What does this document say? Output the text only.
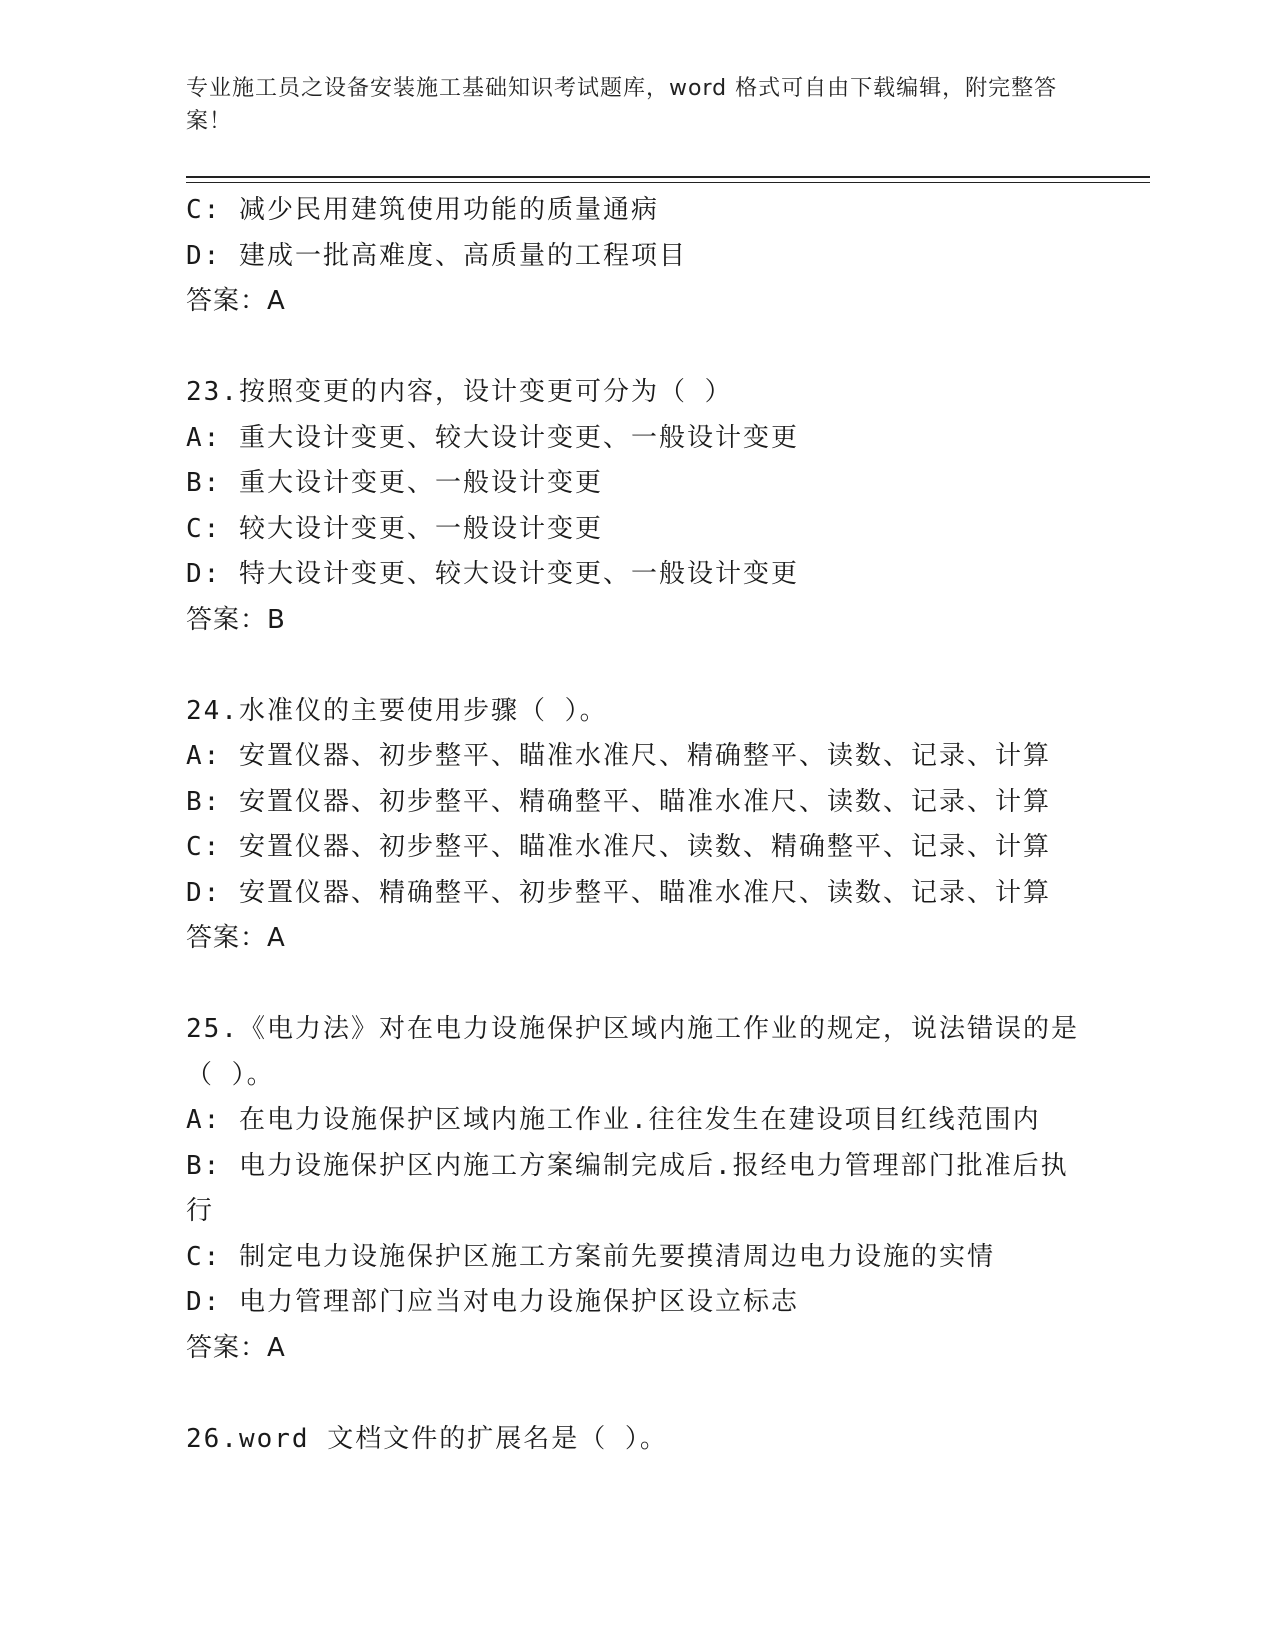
专业施工员之设备安装施工基础知识考试题库，word 格式可自由下载编辑，附完整答案！

C: 减少民用建筑使用功能的质量通病

D: 建成一批高难度、高质量的工程项目

答案：A

23.按照变更的内容，设计变更可分为（ ）

A: 重大设计变更、较大设计变更、一般设计变更

B: 重大设计变更、一般设计变更

C: 较大设计变更、一般设计变更

D: 特大设计变更、较大设计变更、一般设计变更

答案：B

24.水准仪的主要使用步骤（ ）。

A: 安置仪器、初步整平、瞄准水准尺、精确整平、读数、记录、计算

B: 安置仪器、初步整平、精确整平、瞄准水准尺、读数、记录、计算

C: 安置仪器、初步整平、瞄准水准尺、读数、精确整平、记录、计算

D: 安置仪器、精确整平、初步整平、瞄准水准尺、读数、记录、计算

答案：A

25.《电力法》对在电力设施保护区域内施工作业的规定，说法错误的是（ ）。

A: 在电力设施保护区域内施工作业.往往发生在建设项目红线范围内

B: 电力设施保护区内施工方案编制完成后.报经电力管理部门批准后执行

C: 制定电力设施保护区施工方案前先要摸清周边电力设施的实情

D: 电力管理部门应当对电力设施保护区设立标志

答案：A

26.word 文档文件的扩展名是（ ）。
